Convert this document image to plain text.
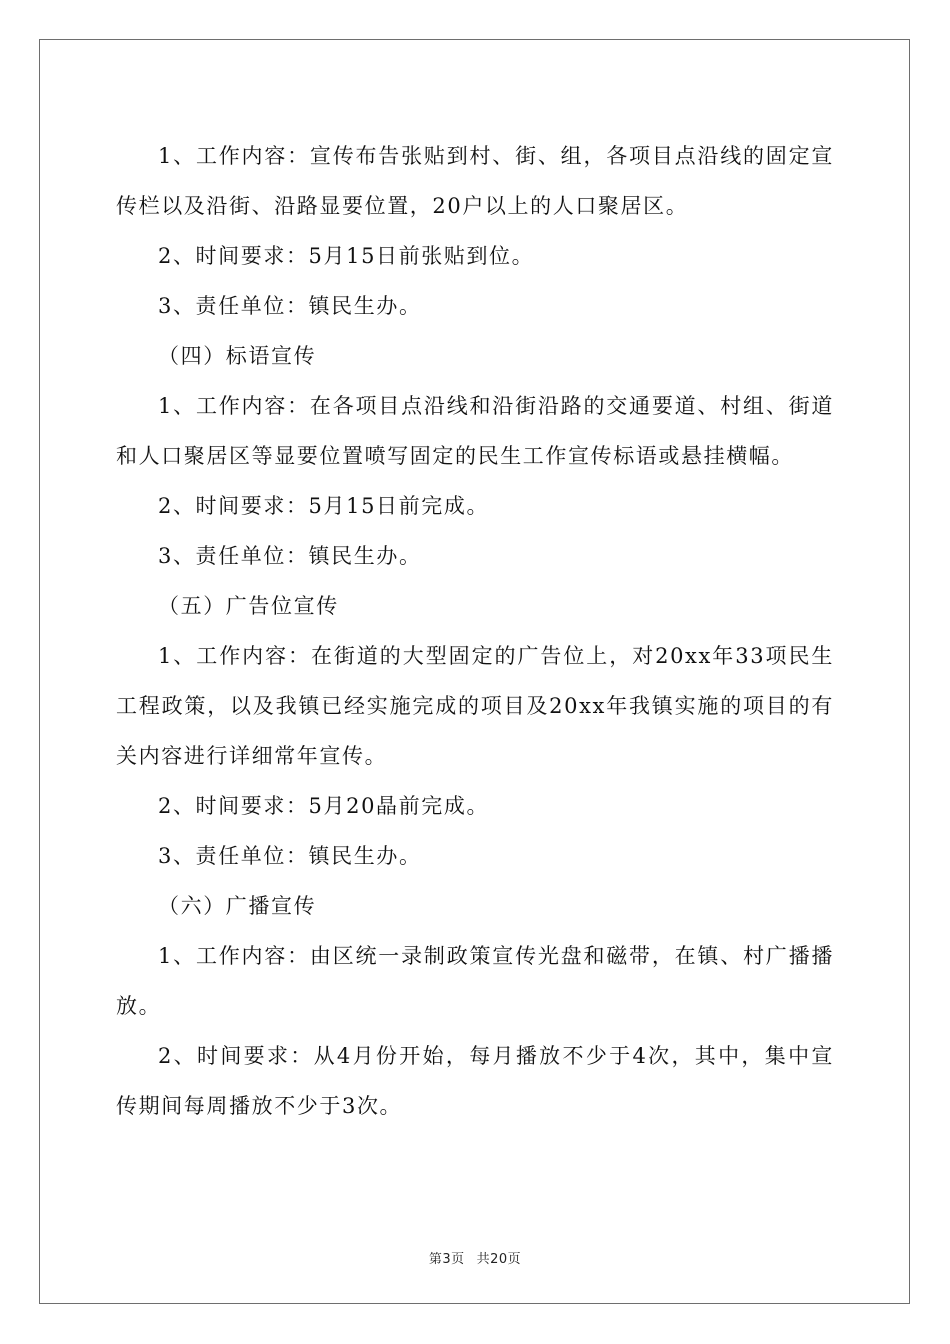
1、工作内容：宣传布告张贴到村、街、组，各项目点沿线的固定宣传栏以及沿街、沿路显要位置，20户以上的人口聚居区。

2、时间要求：5月15日前张贴到位。

3、责任单位：镇民生办。

（四）标语宣传

1、工作内容：在各项目点沿线和沿街沿路的交通要道、村组、街道和人口聚居区等显要位置喷写固定的民生工作宣传标语或悬挂横幅。

2、时间要求：5月15日前完成。

3、责任单位：镇民生办。

（五）广告位宣传

1、工作内容：在街道的大型固定的广告位上，对20xx年33项民生工程政策，以及我镇已经实施完成的项目及20xx年我镇实施的项目的有关内容进行详细常年宣传。

2、时间要求：5月20晶前完成。

3、责任单位：镇民生办。

（六）广播宣传

1、工作内容：由区统一录制政策宣传光盘和磁带，在镇、村广播播放。

2、时间要求：从4月份开始，每月播放不少于4次，其中，集中宣传期间每周播放不少于3次。

第3页 共20页
